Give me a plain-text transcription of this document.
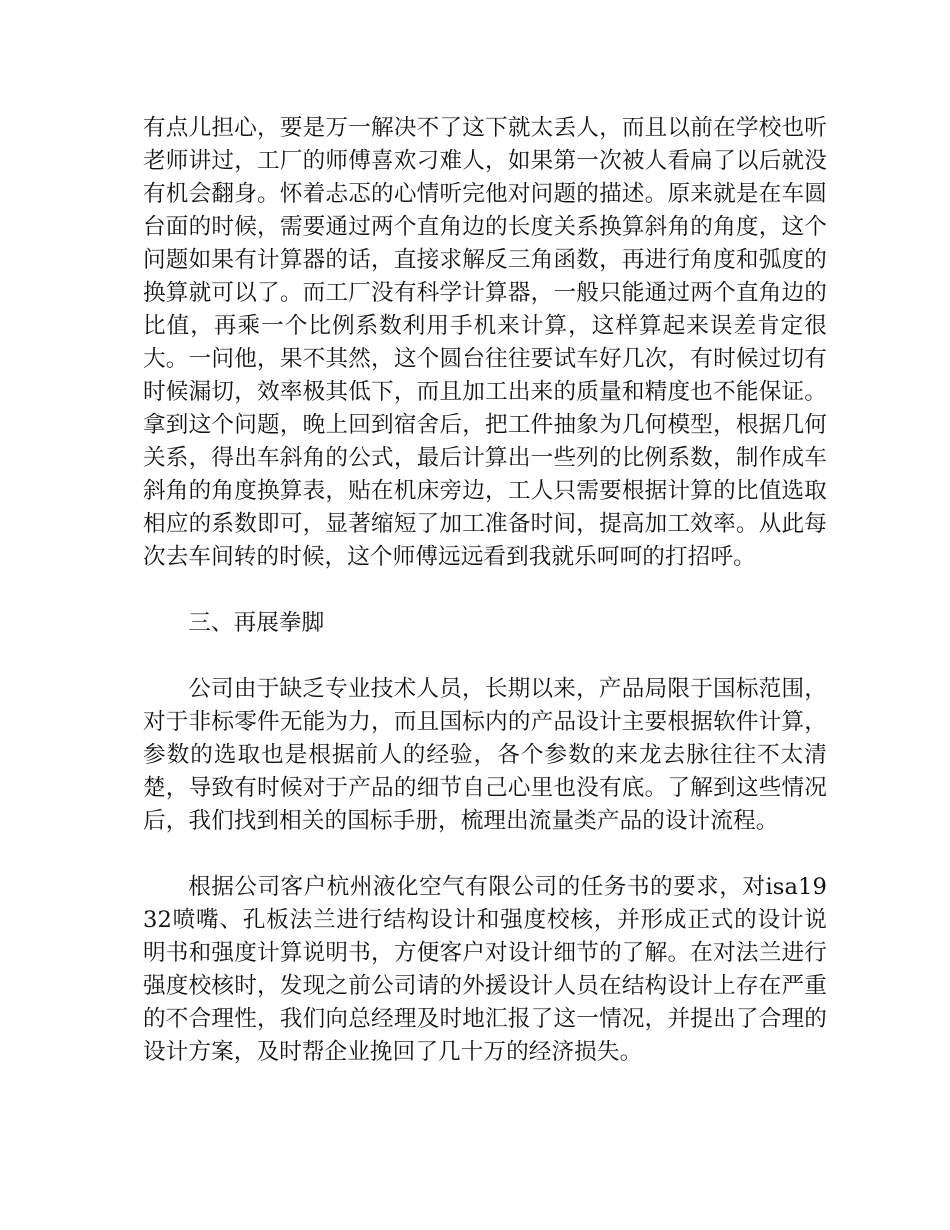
有点儿担心，要是万一解决不了这下就太丢人，而且以前在学校也听老师讲过，工厂的师傅喜欢刁难人，如果第一次被人看扁了以后就没有机会翻身。怀着忐忑的心情听完他对问题的描述。原来就是在车圆台面的时候，需要通过两个直角边的长度关系换算斜角的角度，这个问题如果有计算器的话，直接求解反三角函数，再进行角度和弧度的换算就可以了。而工厂没有科学计算器，一般只能通过两个直角边的比值，再乘一个比例系数利用手机来计算，这样算起来误差肯定很大。一问他，果不其然，这个圆台往往要试车好几次，有时候过切有时候漏切，效率极其低下，而且加工出来的质量和精度也不能保证。拿到这个问题，晚上回到宿舍后，把工件抽象为几何模型，根据几何关系，得出车斜角的公式，最后计算出一些列的比例系数，制作成车斜角的角度换算表，贴在机床旁边，工人只需要根据计算的比值选取相应的系数即可，显著缩短了加工准备时间，提高加工效率。从此每次去车间转的时候，这个师傅远远看到我就乐呵呵的打招呼。

三、再展拳脚

公司由于缺乏专业技术人员，长期以来，产品局限于国标范围，对于非标零件无能为力，而且国标内的产品设计主要根据软件计算，参数的选取也是根据前人的经验，各个参数的来龙去脉往往不太清楚，导致有时候对于产品的细节自己心里也没有底。了解到这些情况后，我们找到相关的国标手册，梳理出流量类产品的设计流程。

根据公司客户杭州液化空气有限公司的任务书的要求，对isa1932喷嘴、孔板法兰进行结构设计和强度校核，并形成正式的设计说明书和强度计算说明书，方便客户对设计细节的了解。在对法兰进行强度校核时，发现之前公司请的外援设计人员在结构设计上存在严重的不合理性，我们向总经理及时地汇报了这一情况，并提出了合理的设计方案，及时帮企业挽回了几十万的经济损失。
